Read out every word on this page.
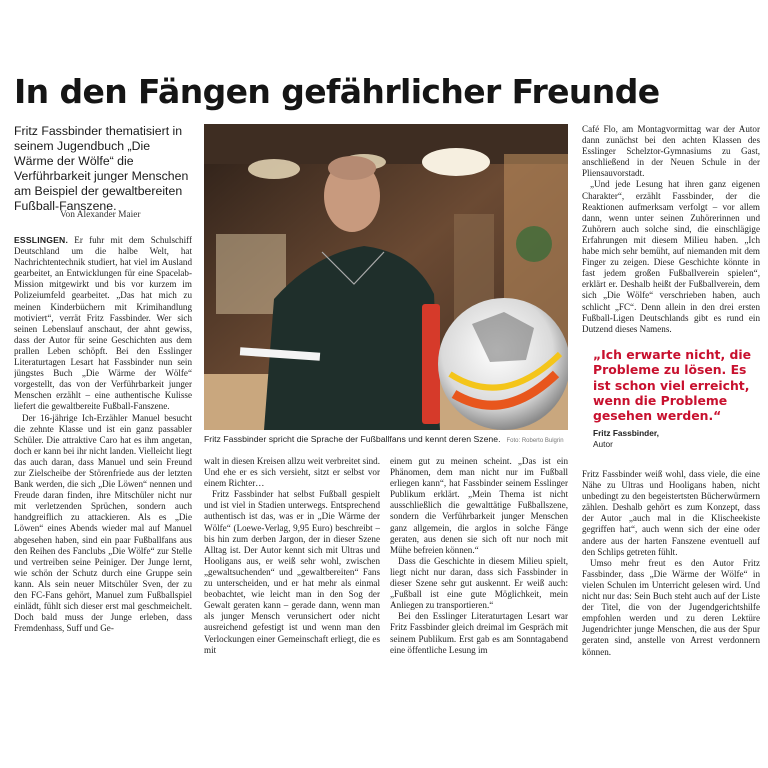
In den Fängen gefährlicher Freunde

Fritz Fassbinder thematisiert in seinem Jugendbuch „Die Wärme der Wölfe“ die Verführbarkeit junger Menschen am Beispiel der gewaltbereiten Fußball-Fanszene.

Von Alexander Maier

ESSLINGEN. Er fuhr mit dem Schulschiff Deutschland um die halbe Welt, hat Nachrichtentechnik studiert, hat viel im Ausland gearbeitet, an Entwicklungen für eine Spacelab-Mission mitgewirkt und bis vor kurzem im Polizeiumfeld gearbeitet. „Das hat mich zu meinen Kinderbüchern mit Krimihandlung motiviert“, verrät Fritz Fassbinder. Wer sich seinen Lebenslauf anschaut, der ahnt gewiss, dass der Autor für seine Geschichten aus dem prallen Leben schöpft. Bei den Esslinger Literaturtagen Lesart hat Fassbinder nun sein jüngstes Buch „Die Wärme der Wölfe“ vorgestellt, das von der Verführbarkeit junger Menschen erzählt – eine authentische Kulisse liefert die gewaltbereite Fußball-Fanszene.

Der 16-jährige Ich-Erzähler Manuel besucht die zehnte Klasse und ist ein ganz passabler Schüler. Die attraktive Caro hat es ihm angetan, doch er kann bei ihr nicht landen. Vielleicht liegt das auch daran, dass Manuel und sein Freund zur Zielscheibe der Störenfriede aus der letzten Bank werden, die sich „Die Löwen“ nennen und Freude daran finden, ihre Mitschüler nicht nur mit verletzenden Sprüchen, sondern auch handgreiflich zu attackieren. Als es „Die Löwen“ eines Abends wieder mal auf Manuel abgesehen haben, sind ein paar Fußballfans aus den Reihen des Fanclubs „Die Wölfe“ zur Stelle und vertreiben seine Peiniger. Der Junge lernt, wie schön der Schutz durch eine Gruppe sein kann. Als sein neuer Mitschüler Sven, der zu den FC-Fans gehört, Manuel zum Fußballspiel einlädt, fühlt sich dieser erst mal geschmeichelt. Doch bald muss der Junge erleben, dass Fremdenhass, Suff und Ge-

Fritz Fassbinder spricht die Sprache der Fußballfans und kennt deren Szene. Foto: Roberto Bulgrin

walt in diesen Kreisen allzu weit verbreitet sind. Und ehe er es sich versieht, sitzt er selbst vor einem Richter…

Fritz Fassbinder hat selbst Fußball gespielt und ist viel in Stadien unterwegs. Entsprechend authentisch ist das, was er in „Die Wärme der Wölfe“ (Loewe-Verlag, 9,95 Euro) beschreibt – bis hin zum derben Jargon, der in dieser Szene Alltag ist. Der Autor kennt sich mit Ultras und Hooligans aus, er weiß sehr wohl, zwischen „gewaltsuchenden“ und „gewaltbereiten“ Fans zu unterscheiden, und er hat mehr als einmal beobachtet, wie leicht man in den Sog der Gewalt geraten kann – gerade dann, wenn man als junger Mensch verunsichert oder nicht ausreichend gefestigt ist und wenn man den Verlockungen einer Gemeinschaft erliegt, die es mit

einem gut zu meinen scheint. „Das ist ein Phänomen, dem man nicht nur im Fußball erliegen kann“, hat Fassbinder seinem Esslinger Publikum erklärt. „Mein Thema ist nicht ausschließlich die gewalttätige Fußballszene, sondern die Verführbarkeit junger Menschen ganz allgemein, die arglos in solche Fänge geraten, aus denen sie sich oft nur noch mit Mühe befreien können.“

Dass die Geschichte in diesem Milieu spielt, liegt nicht nur daran, dass sich Fassbinder in dieser Szene sehr gut auskennt. Er weiß auch: „Fußball ist eine gute Möglichkeit, mein Anliegen zu transportieren.“

Bei den Esslinger Literaturtagen Lesart war Fritz Fassbinder gleich dreimal im Gespräch mit seinem Publikum. Erst gab es am Sonntagabend eine öffentliche Lesung im

Café Flo, am Montagvormittag war der Autor dann zunächst bei den achten Klassen des Esslinger Schelztor-Gymnasiums zu Gast, anschließend in der Neuen Schule in der Pliensauvorstadt.

„Und jede Lesung hat ihren ganz eigenen Charakter“, erzählt Fassbinder, der die Reaktionen aufmerksam verfolgt – vor allem dann, wenn unter seinen Zuhörerinnen und Zuhörern auch solche sind, die einschlägige Erfahrungen mit diesem Milieu haben. „Ich habe mich sehr bemüht, auf niemanden mit dem Finger zu zeigen. Diese Geschichte könnte in fast jedem großen Fußballverein spielen“, erklärt er. Deshalb heißt der Fußballverein, dem sich „Die Wölfe“ verschrieben haben, auch schlicht „FC“. Denn allein in den drei ersten Fußball-Ligen Deutschlands gibt es rund ein Dutzend dieses Namens.

„Ich erwarte nicht, die Probleme zu lösen. Es ist schon viel erreicht, wenn die Probleme gesehen werden.“

Fritz Fassbinder,
Autor

Fritz Fassbinder weiß wohl, dass viele, die eine Nähe zu Ultras und Hooligans haben, nicht unbedingt zu den begeistertsten Bücherwürmern zählen. Deshalb gehört es zum Konzept, dass der Autor „auch mal in die Klischeekiste gegriffen hat“, auch wenn sich der eine oder andere aus der harten Fanszene eventuell auf den Schlips getreten fühlt.

Umso mehr freut es den Autor Fritz Fassbinder, dass „Die Wärme der Wölfe“ in vielen Schulen im Unterricht gelesen wird. Und nicht nur das: Sein Buch steht auch auf der Liste der Titel, die von der Jugendgerichtshilfe empfohlen werden und zu deren Lektüre Jugendrichter junge Menschen, die aus der Spur geraten sind, anstelle von Arrest verdonnern können.
